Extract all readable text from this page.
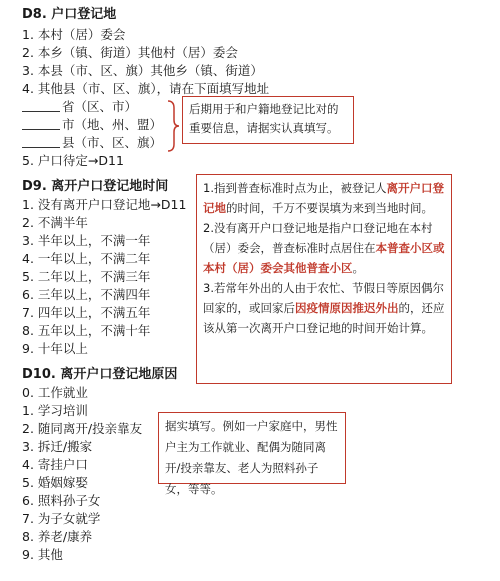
D8. 户口登记地
1. 本村（居）委会
2. 本乡（镇、街道）其他村（居）委会
3. 本县（市、区、旗）其他乡（镇、街道）
4. 其他县（市、区、旗），请在下面填写地址
省（区、市）
市（地、州、盟）
县（市、区、旗）
5. 户口待定→D11
后期用于和户籍地登记比对的重要信息，请据实认真填写。
D9. 离开户口登记地时间
1. 没有离开户口登记地→D11
2. 不满半年
3. 半年以上，不满一年
4. 一年以上，不满二年
5. 二年以上，不满三年
6. 三年以上，不满四年
7. 四年以上，不满五年
8. 五年以上，不满十年
9. 十年以上
1.指到普查标准时点为止，被登记人离开户口登记地的时间，千万不要误填为来到当地时间。
2.没有离开户口登记地是指户口登记地在本村（居）委会，普查标准时点居住在本普查小区或本村（居）委会其他普查小区。
3.若常年外出的人由于农忙、节假日等原因偶尔回家的，或回家后因疫情原因推迟外出的，还应该从第一次离开户口登记地的时间开始计算。
D10. 离开户口登记地原因
0. 工作就业
1. 学习培训
2. 随同离开/投亲靠友
3. 拆迁/搬家
4. 寄挂户口
5. 婚姻嫁娶
6. 照料孙子女
7. 为子女就学
8. 养老/康养
9. 其他
据实填写。例如一户家庭中，男性户主为工作就业、配偶为随同离开/投亲靠友、老人为照料孙子女，等等。
